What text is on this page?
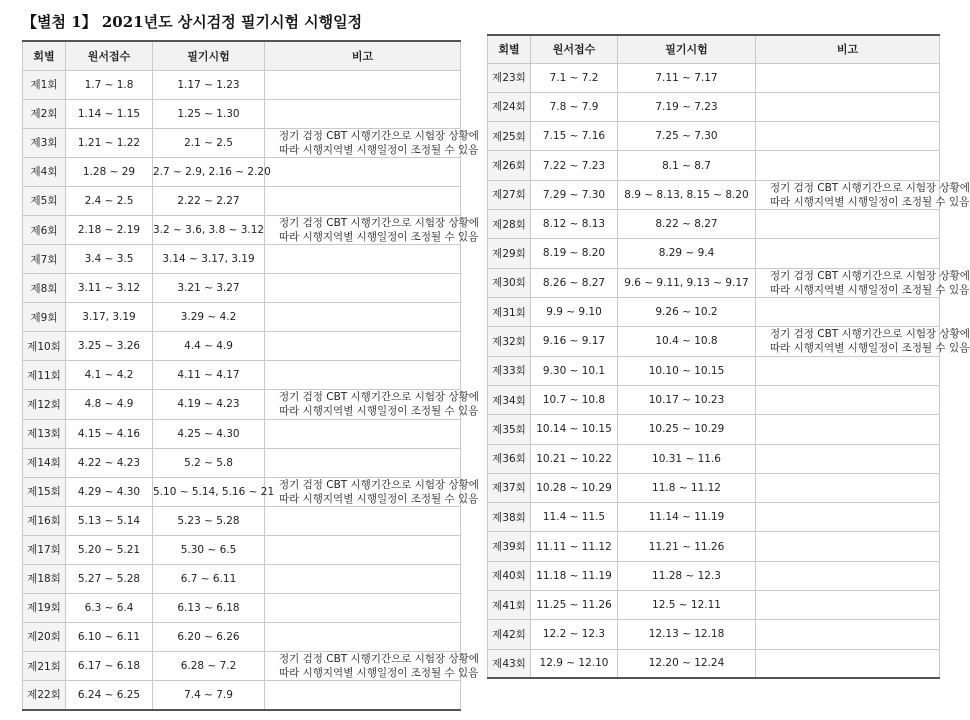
【별첨 1】 2021년도 상시검정 필기시험 시행일정
회별	원서접수	필기시험	비고
제1회	1.7 ~ 1.8	1.17 ~ 1.23	
제2회	1.14 ~ 1.15	1.25 ~ 1.30	
제3회	1.21 ~ 1.22	2.1 ~ 2.5	정기 검정 CBT 시행기간으로 시험장 상황에
따라 시행지역별 시행일정이 조정될 수 있음

제4회	1.28 ~ 29	2.7 ~ 2.9, 2.16 ~ 2.20	
제5회	2.4 ~ 2.5	2.22 ~ 2.27	
제6회	2.18 ~ 2.19	3.2 ~ 3.6, 3.8 ~ 3.12	정기 검정 CBT 시행기간으로 시험장 상황에
따라 시행지역별 시행일정이 조정될 수 있음

제7회	3.4 ~ 3.5	3.14 ~ 3.17, 3.19	
제8회	3.11 ~ 3.12	3.21 ~ 3.27	
제9회	3.17, 3.19	3.29 ~ 4.2	
제10회	3.25 ~ 3.26	4.4 ~ 4.9	
제11회	4.1 ~ 4.2	4.11 ~ 4.17	
제12회	4.8 ~ 4.9	4.19 ~ 4.23	정기 검정 CBT 시행기간으로 시험장 상황에
따라 시행지역별 시행일정이 조정될 수 있음

제13회	4.15 ~ 4.16	4.25 ~ 4.30	
제14회	4.22 ~ 4.23	5.2 ~ 5.8	
제15회	4.29 ~ 4.30	5.10 ~ 5.14, 5.16 ~ 21	정기 검정 CBT 시행기간으로 시험장 상황에
따라 시행지역별 시행일정이 조정될 수 있음

제16회	5.13 ~ 5.14	5.23 ~ 5.28	
제17회	5.20 ~ 5.21	5.30 ~ 6.5	
제18회	5.27 ~ 5.28	6.7 ~ 6.11	
제19회	6.3 ~ 6.4	6.13 ~ 6.18	
제20회	6.10 ~ 6.11	6.20 ~ 6.26	
제21회	6.17 ~ 6.18	6.28 ~ 7.2	정기 검정 CBT 시행기간으로 시험장 상황에
따라 시행지역별 시행일정이 조정될 수 있음

제22회	6.24 ~ 6.25	7.4 ~ 7.9	
회별	원서접수	필기시험	비고
제23회	7.1 ~ 7.2	7.11 ~ 7.17	
제24회	7.8 ~ 7.9	7.19 ~ 7.23	
제25회	7.15 ~ 7.16	7.25 ~ 7.30	
제26회	7.22 ~ 7.23	8.1 ~ 8.7	
제27회	7.29 ~ 7.30	8.9 ~ 8.13, 8.15 ~ 8.20	정기 검정 CBT 시행기간으로 시험장 상황에
따라 시행지역별 시행일정이 조정될 수 있음

제28회	8.12 ~ 8.13	8.22 ~ 8.27	
제29회	8.19 ~ 8.20	8.29 ~ 9.4	
제30회	8.26 ~ 8.27	9.6 ~ 9.11, 9.13 ~ 9.17	정기 검정 CBT 시행기간으로 시험장 상황에
따라 시행지역별 시행일정이 조정될 수 있음

제31회	9.9 ~ 9.10	9.26 ~ 10.2	
제32회	9.16 ~ 9.17	10.4 ~ 10.8	정기 검정 CBT 시행기간으로 시험장 상황에
따라 시행지역별 시행일정이 조정될 수 있음

제33회	9.30 ~ 10.1	10.10 ~ 10.15	
제34회	10.7 ~ 10.8	10.17 ~ 10.23	
제35회	10.14 ~ 10.15	10.25 ~ 10.29	
제36회	10.21 ~ 10.22	10.31 ~ 11.6	
제37회	10.28 ~ 10.29	11.8 ~ 11.12	
제38회	11.4 ~ 11.5	11.14 ~ 11.19	
제39회	11.11 ~ 11.12	11.21 ~ 11.26	
제40회	11.18 ~ 11.19	11.28 ~ 12.3	
제41회	11.25 ~ 11.26	12.5 ~ 12.11	
제42회	12.2 ~ 12.3	12.13 ~ 12.18	
제43회	12.9 ~ 12.10	12.20 ~ 12.24	
